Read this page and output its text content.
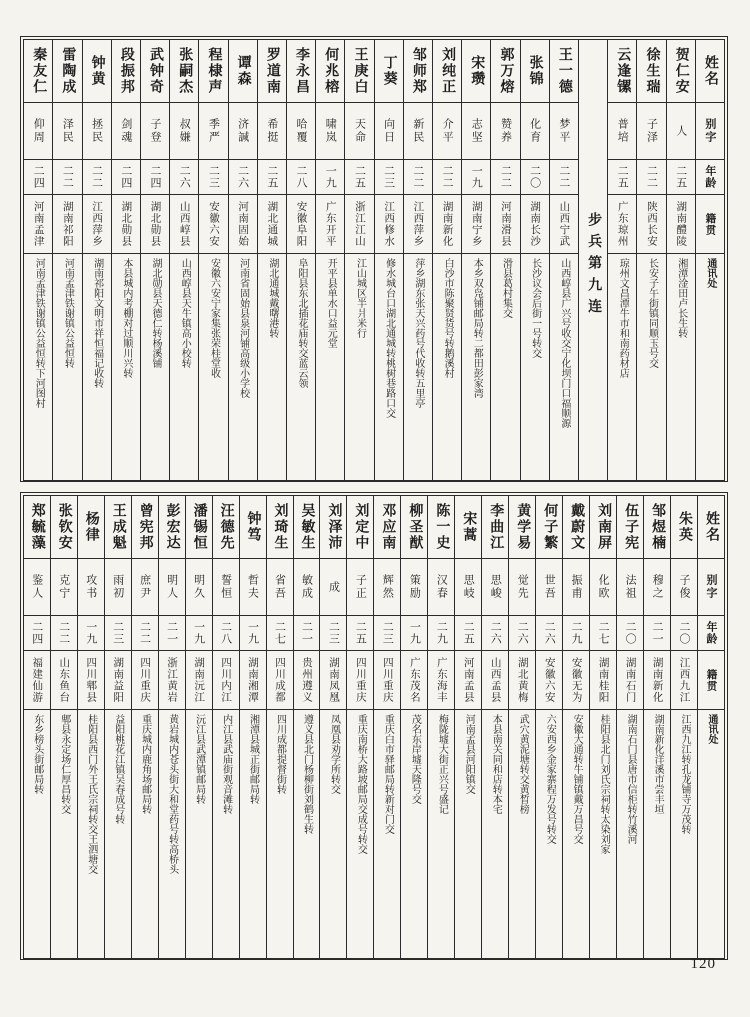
姓名
别字
年龄
籍贯
通讯处
贺仁安
人
二五
湖南醴陵
湘潭淦田卢长生转
徐生瑞
子泽
二二
陕西长安
长安子午街镇同顺玉号交
云逢镙
普培
二五
广东琼州
琼州文昌潭牛市和南药材店
步兵第九连
王一德
梦平
二二
山西宁武
山西崞县广兴号收交宁化坝门口福顺源
张锦
化育
二〇
湖南长沙
长沙议会后街一号转交
郭万熔
赞养
二二
河南滑县
滑县葛村集交
宋瓒
志坚
一九
湖南宁乡
本乡双凫铺邮局转二都田彭家湾
刘纯正
介平
二二
湖南新化
白沙市陈聚贤货号转鹅溪村
邹师郑
新民
二二
江西萍乡
萍乡湖东张天兴药号代收转五里亭
丁葵
向日
二三
江西修水
修水城台口湖北通城转桃树巷路口交
王庚白
天命
二五
浙江江山
江山城区半爿米行
何兆榕
啸岚
一九
广东开平
开平县单水口益元堂
李永昌
哈覆
二八
安徽阜阳
阜阳县东北插花庙转交蓝云领
罗道南
希挺
二五
湖北通城
湖北通城戴曙港转
谭森
济諴
二六
河南固始
河南省固始县泉河铺高级小学校
程棣声
季严
二三
安徽六安
安徽六安宁家集张荣桂堂收
张嗣杰
叔嫌
二六
山西崞县
山西崞县天牛镇高小校转
武钟奇
子登
二四
湖北勋县
湖北勋县天德仁转杨溪铺
段振邦
剑魂
二四
湖北勋县
本县城内考棚对过顺川兴转
钟黄
拯民
二二
江西萍乡
湖南祁阳文明市祥恒福记收转
雷陶成
泽民
二二
湖南祁阳
河南孟津铁谢镇公益恒转
秦友仁
仰周
二四
河南孟津
河南孟津铁谢镇公益恒转下河图村
姓名
别字
年龄
籍贯
通讯处
朱英
子俊
二〇
江西九江
江西九江转孔龙铺寺万茂转
邹煜楠
穆之
二一
湖南新化
湖南新化洋溪市尝丰垣
伍子宪
法祖
二〇
湖南石门
湖南石门县唐市信柜转竹溪河
刘南屏
化欧
二七
湖南桂阳
桂阳县北门刘氏宗祠转太染刘家
戴蔚文
振甫
二九
安徽无为
安徽大通转牛铺镇戴万昌号交
何子繁
世吾
二六
安徽六安
六安西乡金家寨程万发号转交
黄学易
觉先
二六
湖北黄梅
武穴黄泥塘转交黄晳榜
李曲江
思峻
二六
山西孟县
本县南关同和店转本宅
宋蒿
思岐
二五
河南孟县
河南孟县河阳镇交
陈一史
汉春
二九
广东海丰
梅陇墟大街正兴号盛记
柳圣猷
策励
一九
广东茂名
茂名东岸墟天隆号交
邓应南
辉然
二三
四川重庆
重庆白市驿邮局转新对门交
刘定中
子正
二五
四川重庆
重庆南桥大路坡邮局交成号转交
刘泽沛
成
二三
湖南凤凰
凤凰县劝学所转交
吴敏生
敏成
二一
贵州遵义
遵义县北门杨柳街刘鹤生转
刘琦生
省吾
二七
四川成都
四川成都提督街转
钟笃
哲夫
一九
湖南湘潭
湘潭县城正街邮局转
汪德先
誓恒
二八
四川内江
内江县武庙街观音滩转
潘锡恒
明久
一九
湖南沅江
沅江县武潭镇邮局转
彭宏达
明人
二一
浙江黄岩
黄岩城内苍头街大和堂药号转高桥头
曾宪邦
庶尹
二二
四川重庆
重庆城内鹿角场邮局转
王成魁
雨初
二三
湖南益阳
益阳桃花江镇吴春成号转
杨律
攻书
一九
四川郫县
桂阳县西门外王氏宗祠转交王泗塘交
张钦安
克宁
二二
山东鱼台
郫县永定场仁厚昌转交
郑毓藻
鉴人
二四
福建仙游
东乡榜头街邮局转
120
